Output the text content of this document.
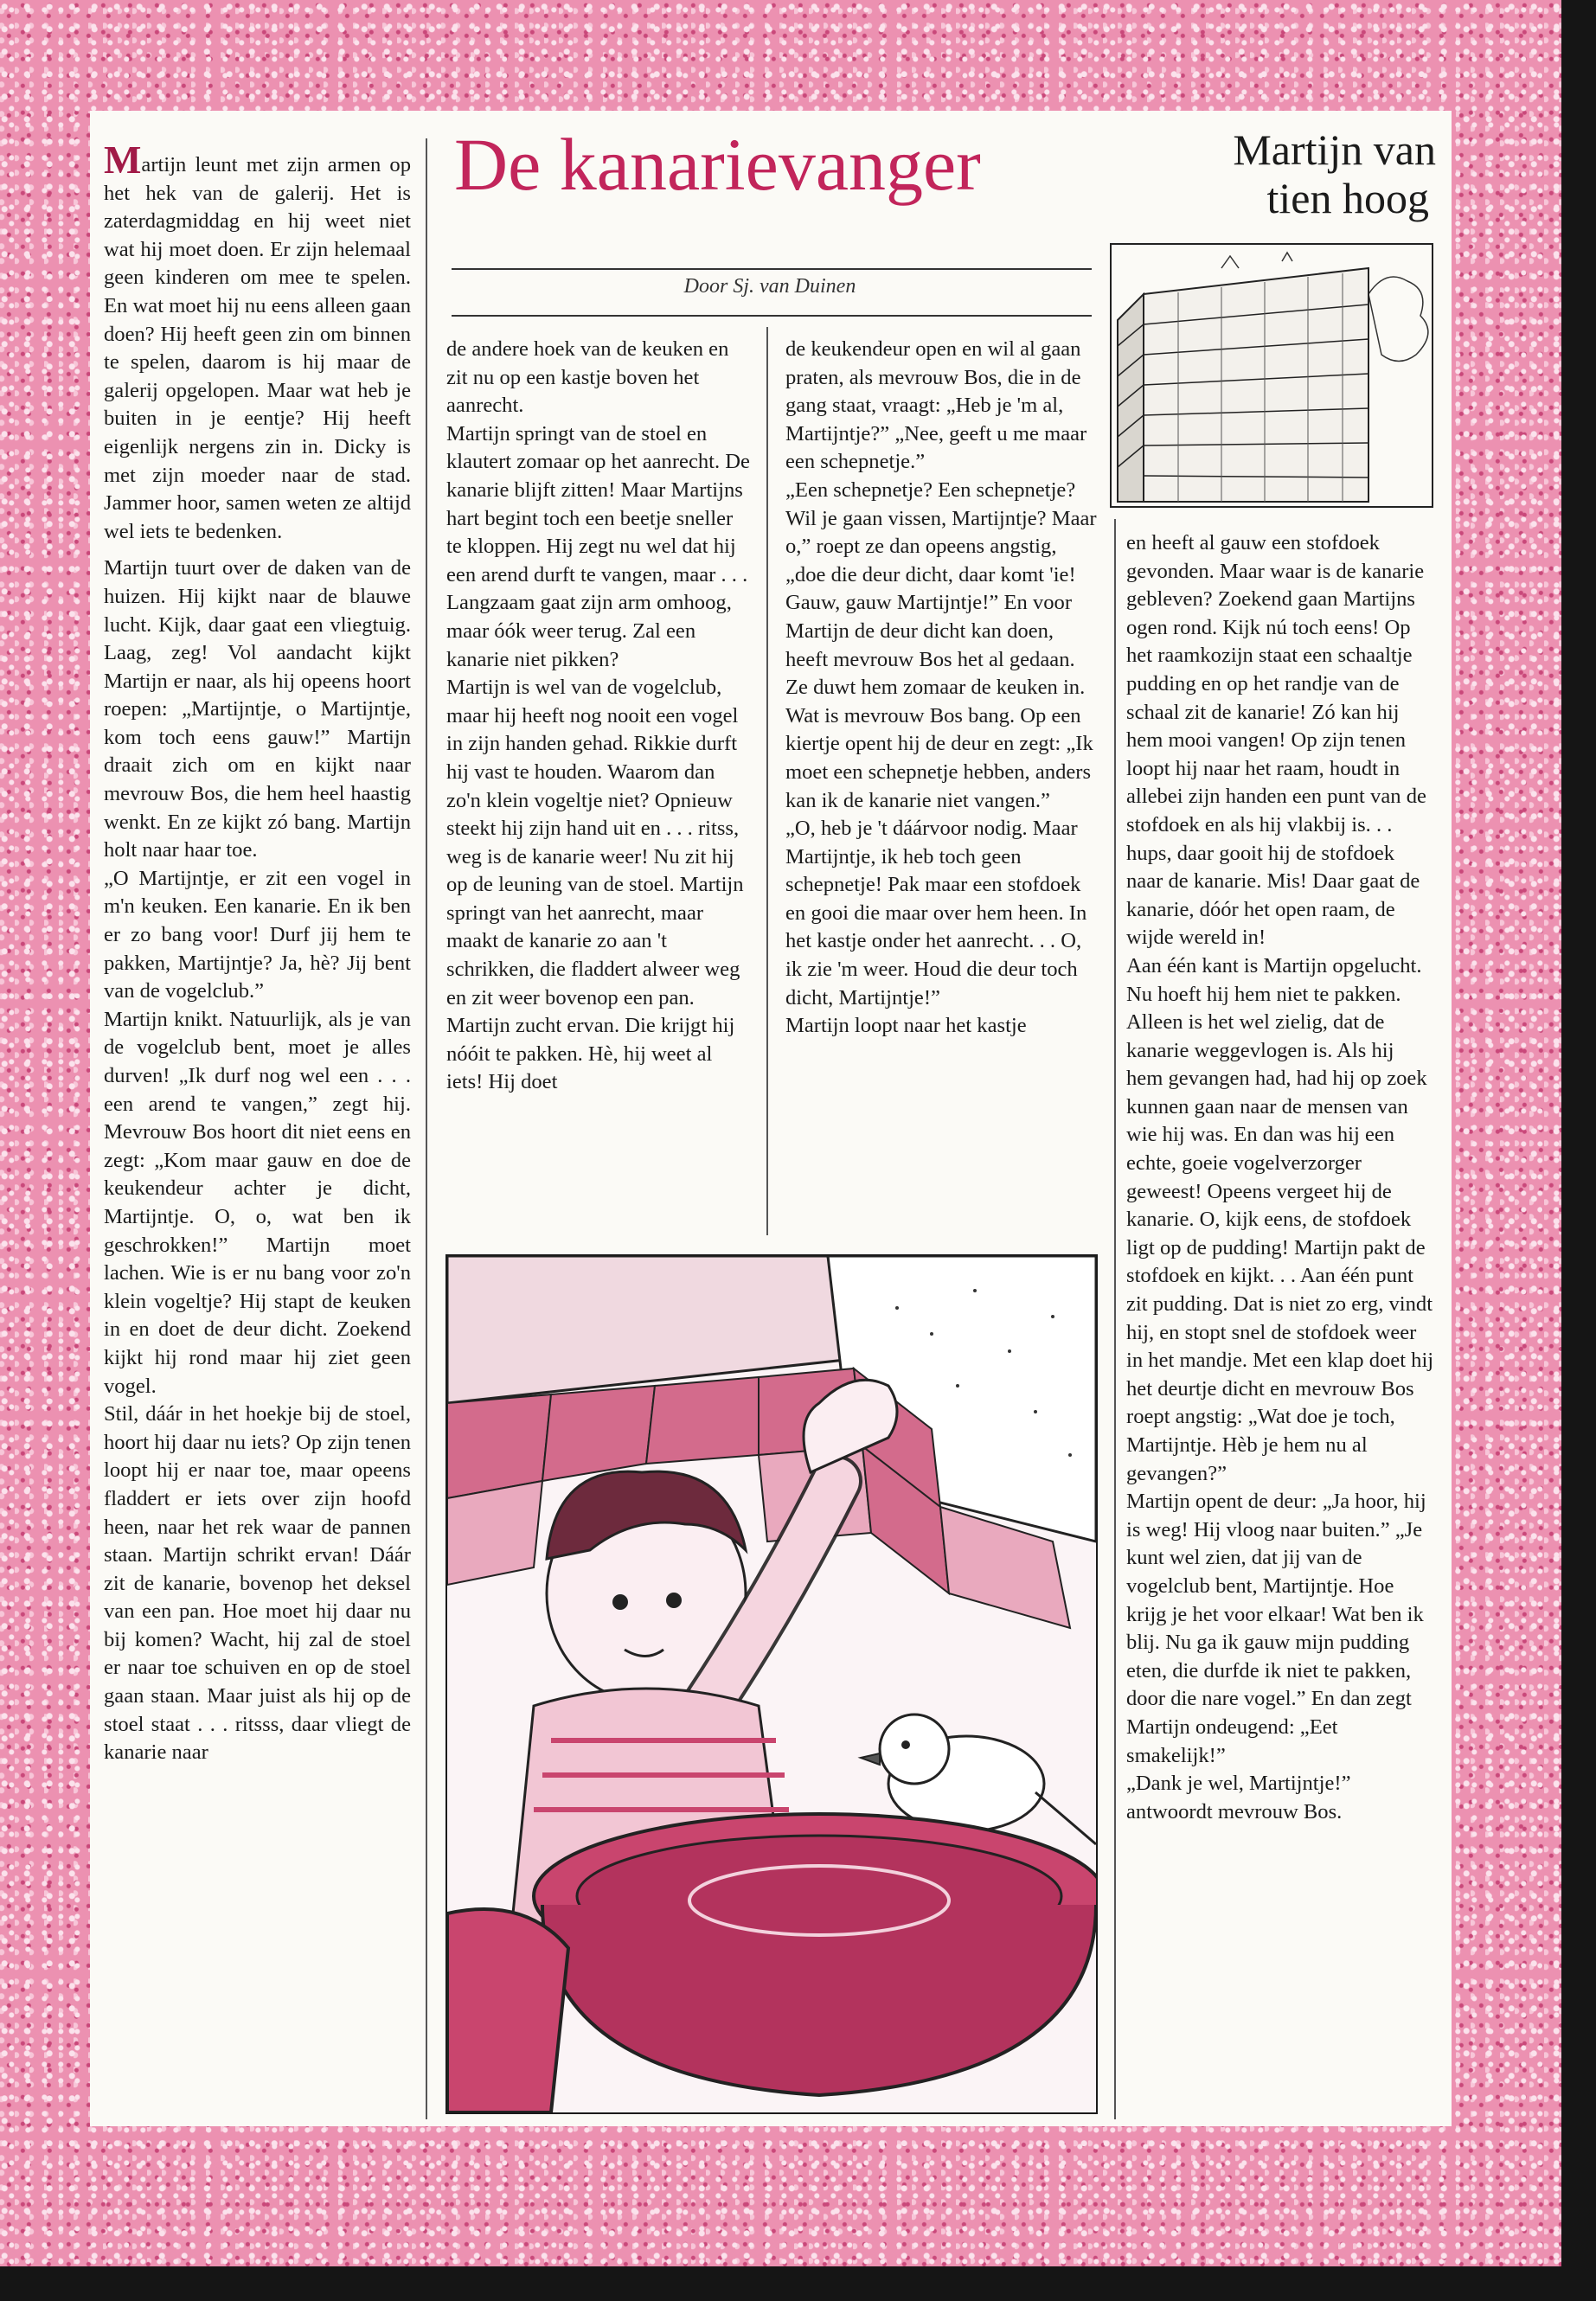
De kanarievanger	Martijn van
tien hoog
Door Sj. van Duinen

Martijn leunt met zijn armen op het hek van de galerij. Het is zaterdagmiddag en hij weet niet wat hij moet doen. Er zijn helemaal geen kinderen om mee te spelen. En wat moet hij nu eens alleen gaan doen? Hij heeft geen zin om binnen te spelen, daarom is hij maar de galerij opgelopen. Maar wat heb je buiten in je eentje? Hij heeft eigenlijk nergens zin in. Dicky is met zijn moeder naar de stad. Jammer hoor, samen weten ze altijd wel iets te bedenken.

Martijn tuurt over de daken van de huizen. Hij kijkt naar de blauwe lucht. Kijk, daar gaat een vliegtuig. Laag, zeg! Vol aandacht kijkt Martijn er naar, als hij opeens hoort roepen: „Martijntje, o Martijntje, kom toch eens gauw!” Martijn draait zich om en kijkt naar mevrouw Bos, die hem heel haastig wenkt. En ze kijkt zó bang. Martijn holt naar haar toe.

„O Martijntje, er zit een vogel in m'n keuken. Een kanarie. En ik ben er zo bang voor! Durf jij hem te pakken, Martijntje? Ja, hè? Jij bent van de vogelclub.”

Martijn knikt. Natuurlijk, als je van de vogelclub bent, moet je alles durven! „Ik durf nog wel een . . . een arend te vangen,” zegt hij. Mevrouw Bos hoort dit niet eens en zegt: „Kom maar gauw en doe de keukendeur achter je dicht, Martijntje. O, o, wat ben ik geschrokken!” Martijn moet lachen. Wie is er nu bang voor zo'n klein vogeltje? Hij stapt de keuken in en doet de deur dicht. Zoekend kijkt hij rond maar hij ziet geen vogel.

Stil, dáár in het hoekje bij de stoel, hoort hij daar nu iets? Op zijn tenen loopt hij er naar toe, maar opeens fladdert er iets over zijn hoofd heen, naar het rek waar de pannen staan. Martijn schrikt ervan! Dáár zit de kanarie, bovenop het deksel van een pan. Hoe moet hij daar nu bij komen? Wacht, hij zal de stoel er naar toe schuiven en op de stoel gaan staan. Maar juist als hij op de stoel staat . . . ritsss, daar vliegt de kanarie naar

de andere hoek van de keuken en zit nu op een kastje boven het aanrecht.

Martijn springt van de stoel en klautert zomaar op het aanrecht. De kanarie blijft zitten! Maar Martijns hart begint toch een beetje sneller te kloppen. Hij zegt nu wel dat hij een arend durft te vangen, maar . . . Langzaam gaat zijn arm omhoog, maar óók weer terug. Zal een kanarie niet pikken?

Martijn is wel van de vogelclub, maar hij heeft nog nooit een vogel in zijn handen gehad. Rikkie durft hij vast te houden. Waarom dan zo'n klein vogeltje niet? Opnieuw steekt hij zijn hand uit en . . . ritss, weg is de kanarie weer! Nu zit hij op de leuning van de stoel. Martijn springt van het aanrecht, maar maakt de kanarie zo aan 't schrikken, die fladdert alweer weg en zit weer bovenop een pan.

Martijn zucht ervan. Die krijgt hij nóóit te pakken. Hè, hij weet al iets! Hij doet

de keukendeur open en wil al gaan praten, als mevrouw Bos, die in de gang staat, vraagt: „Heb je 'm al, Martijntje?” „Nee, geeft u me maar een schepnetje.”

„Een schepnetje? Een schepnetje? Wil je gaan vissen, Martijntje? Maar o,” roept ze dan opeens angstig, „doe die deur dicht, daar komt 'ie! Gauw, gauw Martijntje!” En voor Martijn de deur dicht kan doen, heeft mevrouw Bos het al gedaan. Ze duwt hem zomaar de keuken in. Wat is mevrouw Bos bang. Op een kiertje opent hij de deur en zegt: „Ik moet een schepnetje hebben, anders kan ik de kanarie niet vangen.”

„O, heb je 't dáárvoor nodig. Maar Martijntje, ik heb toch geen schepnetje! Pak maar een stofdoek en gooi die maar over hem heen. In het kastje onder het aanrecht. . . O, ik zie 'm weer. Houd die deur toch dicht, Martijntje!”

Martijn loopt naar het kastje

en heeft al gauw een stofdoek gevonden. Maar waar is de kanarie gebleven? Zoekend gaan Martijns ogen rond. Kijk nú toch eens! Op het raamkozijn staat een schaaltje pudding en op het randje van de schaal zit de kanarie! Zó kan hij hem mooi vangen! Op zijn tenen loopt hij naar het raam, houdt in allebei zijn handen een punt van de stofdoek en als hij vlakbij is. . . hups, daar gooit hij de stofdoek naar de kanarie. Mis! Daar gaat de kanarie, dóór het open raam, de wijde wereld in!

Aan één kant is Martijn opgelucht. Nu hoeft hij hem niet te pakken. Alleen is het wel zielig, dat de kanarie weggevlogen is. Als hij hem gevangen had, had hij op zoek kunnen gaan naar de mensen van wie hij was. En dan was hij een echte, goeie vogelverzorger geweest! Opeens vergeet hij de kanarie. O, kijk eens, de stofdoek ligt op de pudding! Martijn pakt de stofdoek en kijkt. . . Aan één punt zit pudding. Dat is niet zo erg, vindt hij, en stopt snel de stofdoek weer in het mandje. Met een klap doet hij het deurtje dicht en mevrouw Bos roept angstig: „Wat doe je toch, Martijntje. Hèb je hem nu al gevangen?”

Martijn opent de deur: „Ja hoor, hij is weg! Hij vloog naar buiten.” „Je kunt wel zien, dat jij van de vogelclub bent, Martijntje. Hoe krijg je het voor elkaar! Wat ben ik blij. Nu ga ik gauw mijn pudding eten, die durfde ik niet te pakken, door die nare vogel.” En dan zegt Martijn ondeugend: „Eet smakelijk!”

„Dank je wel, Martijntje!” antwoordt mevrouw Bos.
